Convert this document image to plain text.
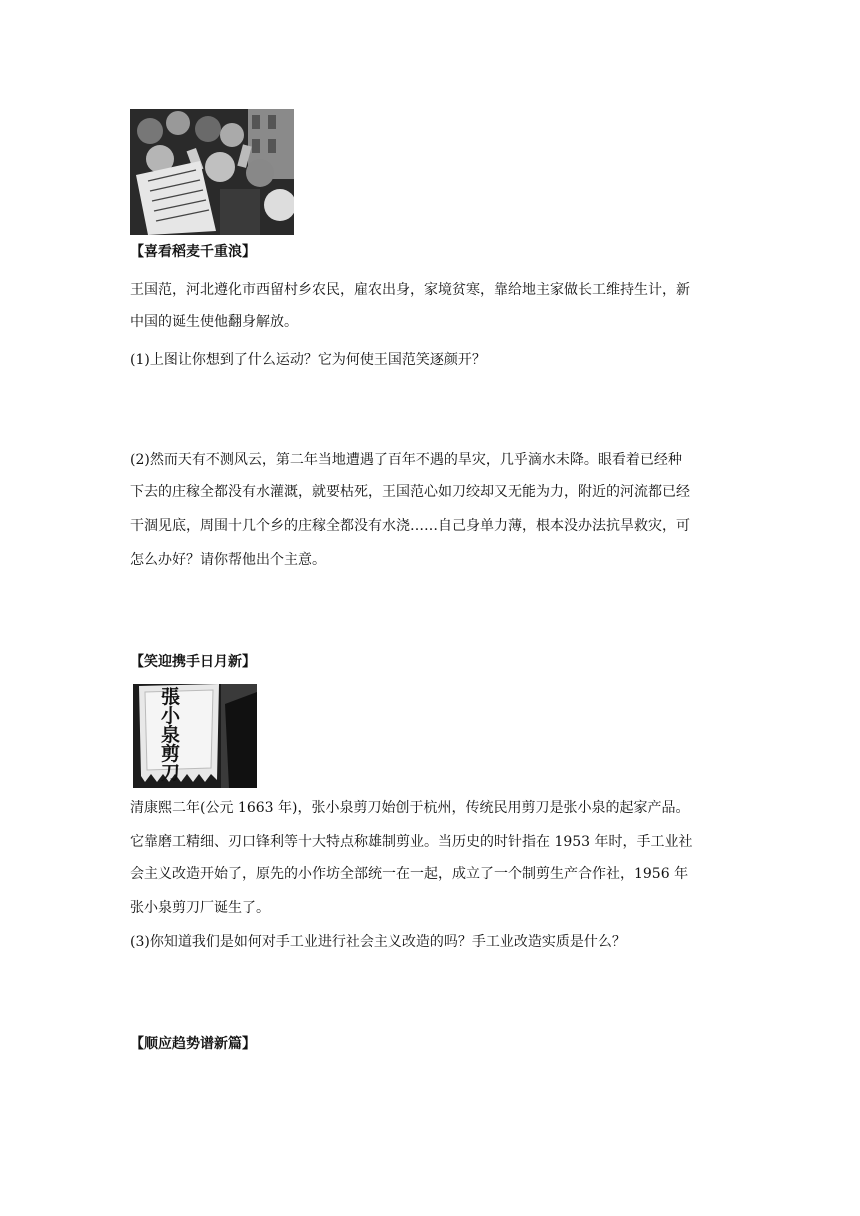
【喜看稻麦千重浪】
王国范，河北遵化市西留村乡农民，雇农出身，家境贫寒，靠给地主家做长工维持生计，新
中国的诞生使他翻身解放。
(1)上图让你想到了什么运动？它为何使王国范笑逐颜开？
(2)然而天有不测风云，第二年当地遭遇了百年不遇的旱灾，几乎滴水未降。眼看着已经种
下去的庄稼全都没有水灌溉，就要枯死，王国范心如刀绞却又无能为力，附近的河流都已经
干涸见底，周围十几个乡的庄稼全都没有水浇……自己身单力薄，根本没办法抗旱救灾，可
怎么办好？请你帮他出个主意。
【笑迎携手日月新】
張小泉剪刀
清康熙二年(公元 1663 年)，张小泉剪刀始创于杭州，传统民用剪刀是张小泉的起家产品。
它靠磨工精细、刃口锋利等十大特点称雄制剪业。当历史的时针指在 1953 年时，手工业社
会主义改造开始了，原先的小作坊全部统一在一起，成立了一个制剪生产合作社，1956 年
张小泉剪刀厂诞生了。
(3)你知道我们是如何对手工业进行社会主义改造的吗？手工业改造实质是什么？
【顺应趋势谱新篇】
